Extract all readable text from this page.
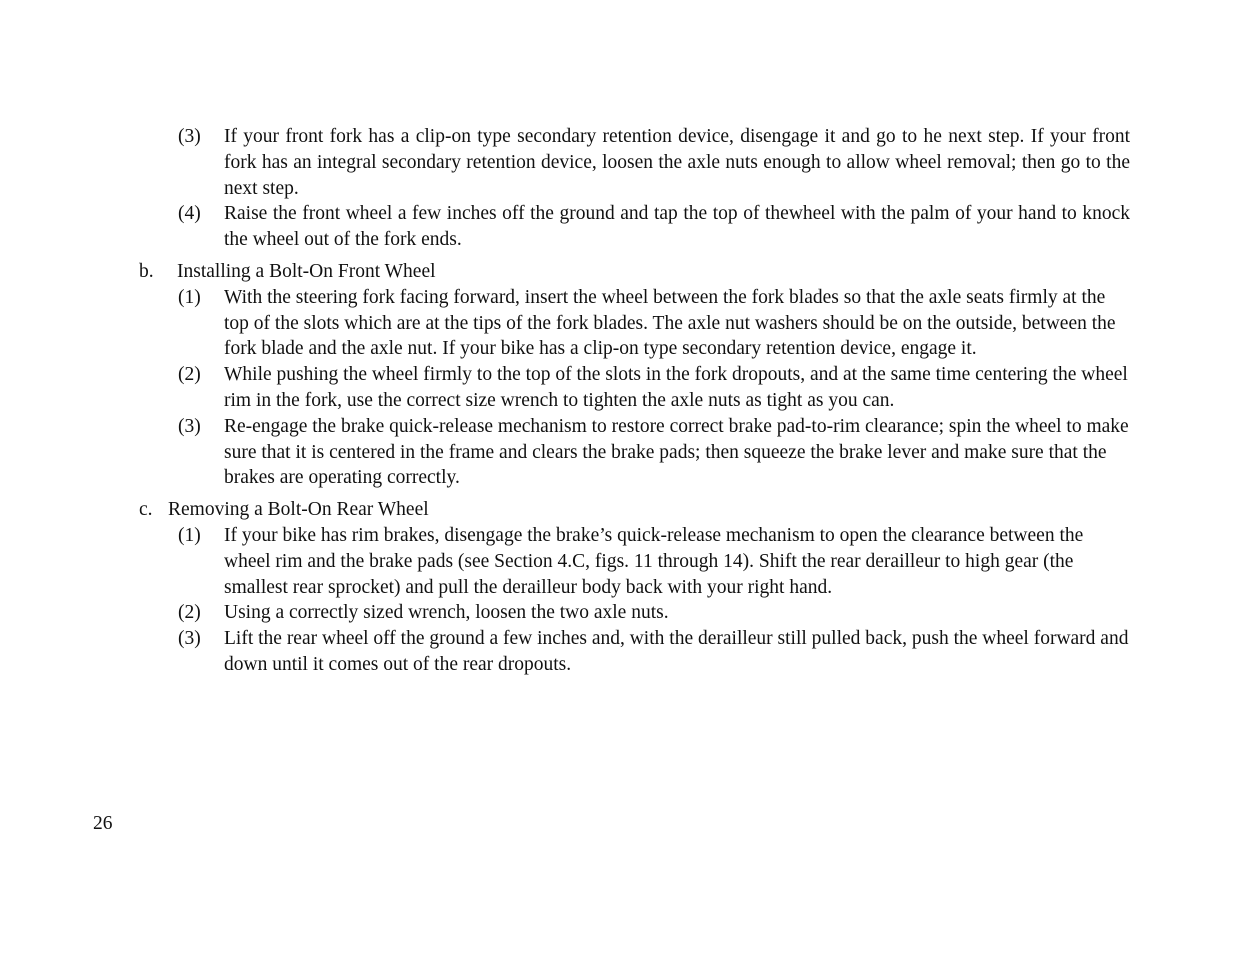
(3) If your front fork has a clip-on type secondary retention device, disengage it and go to he next step. If your front fork has an integral secondary retention device, loosen the axle nuts enough to allow wheel removal; then go to the next step.
(4) Raise the front wheel a few inches off the ground and tap the top of thewheel with the palm of your hand to knock the wheel out of the fork ends.
b. Installing a Bolt-On Front Wheel
(1) With the steering fork facing forward, insert the wheel between the fork blades so that the axle seats firmly at the top of the slots which are at the tips of the fork blades. The axle nut washers should be on the outside, between the fork blade and the axle nut. If your bike has a clip-on type secondary retention device, engage it.
(2) While pushing the wheel firmly to the top of the slots in the fork dropouts, and at the same time centering the wheel rim in the fork, use the correct size wrench to tighten the axle nuts as tight as you can.
(3) Re-engage the brake quick-release mechanism to restore correct brake pad-to-rim clearance; spin the wheel to make sure that it is centered in the frame and clears the brake pads; then squeeze the brake lever and make sure that the brakes are operating correctly.
c. Removing a Bolt-On Rear Wheel
(1) If your bike has rim brakes, disengage the brake’s quick-release mechanism to open the clearance between the wheel rim and the brake pads (see Section 4.C, figs. 11 through 14). Shift the rear derailleur to high gear (the smallest rear sprocket) and pull the derailleur body back with your right hand.
(2) Using a correctly sized wrench, loosen the two axle nuts.
(3) Lift the rear wheel off the ground a few inches and, with the derailleur still pulled back, push the wheel forward and down until it comes out of the rear dropouts.
26
